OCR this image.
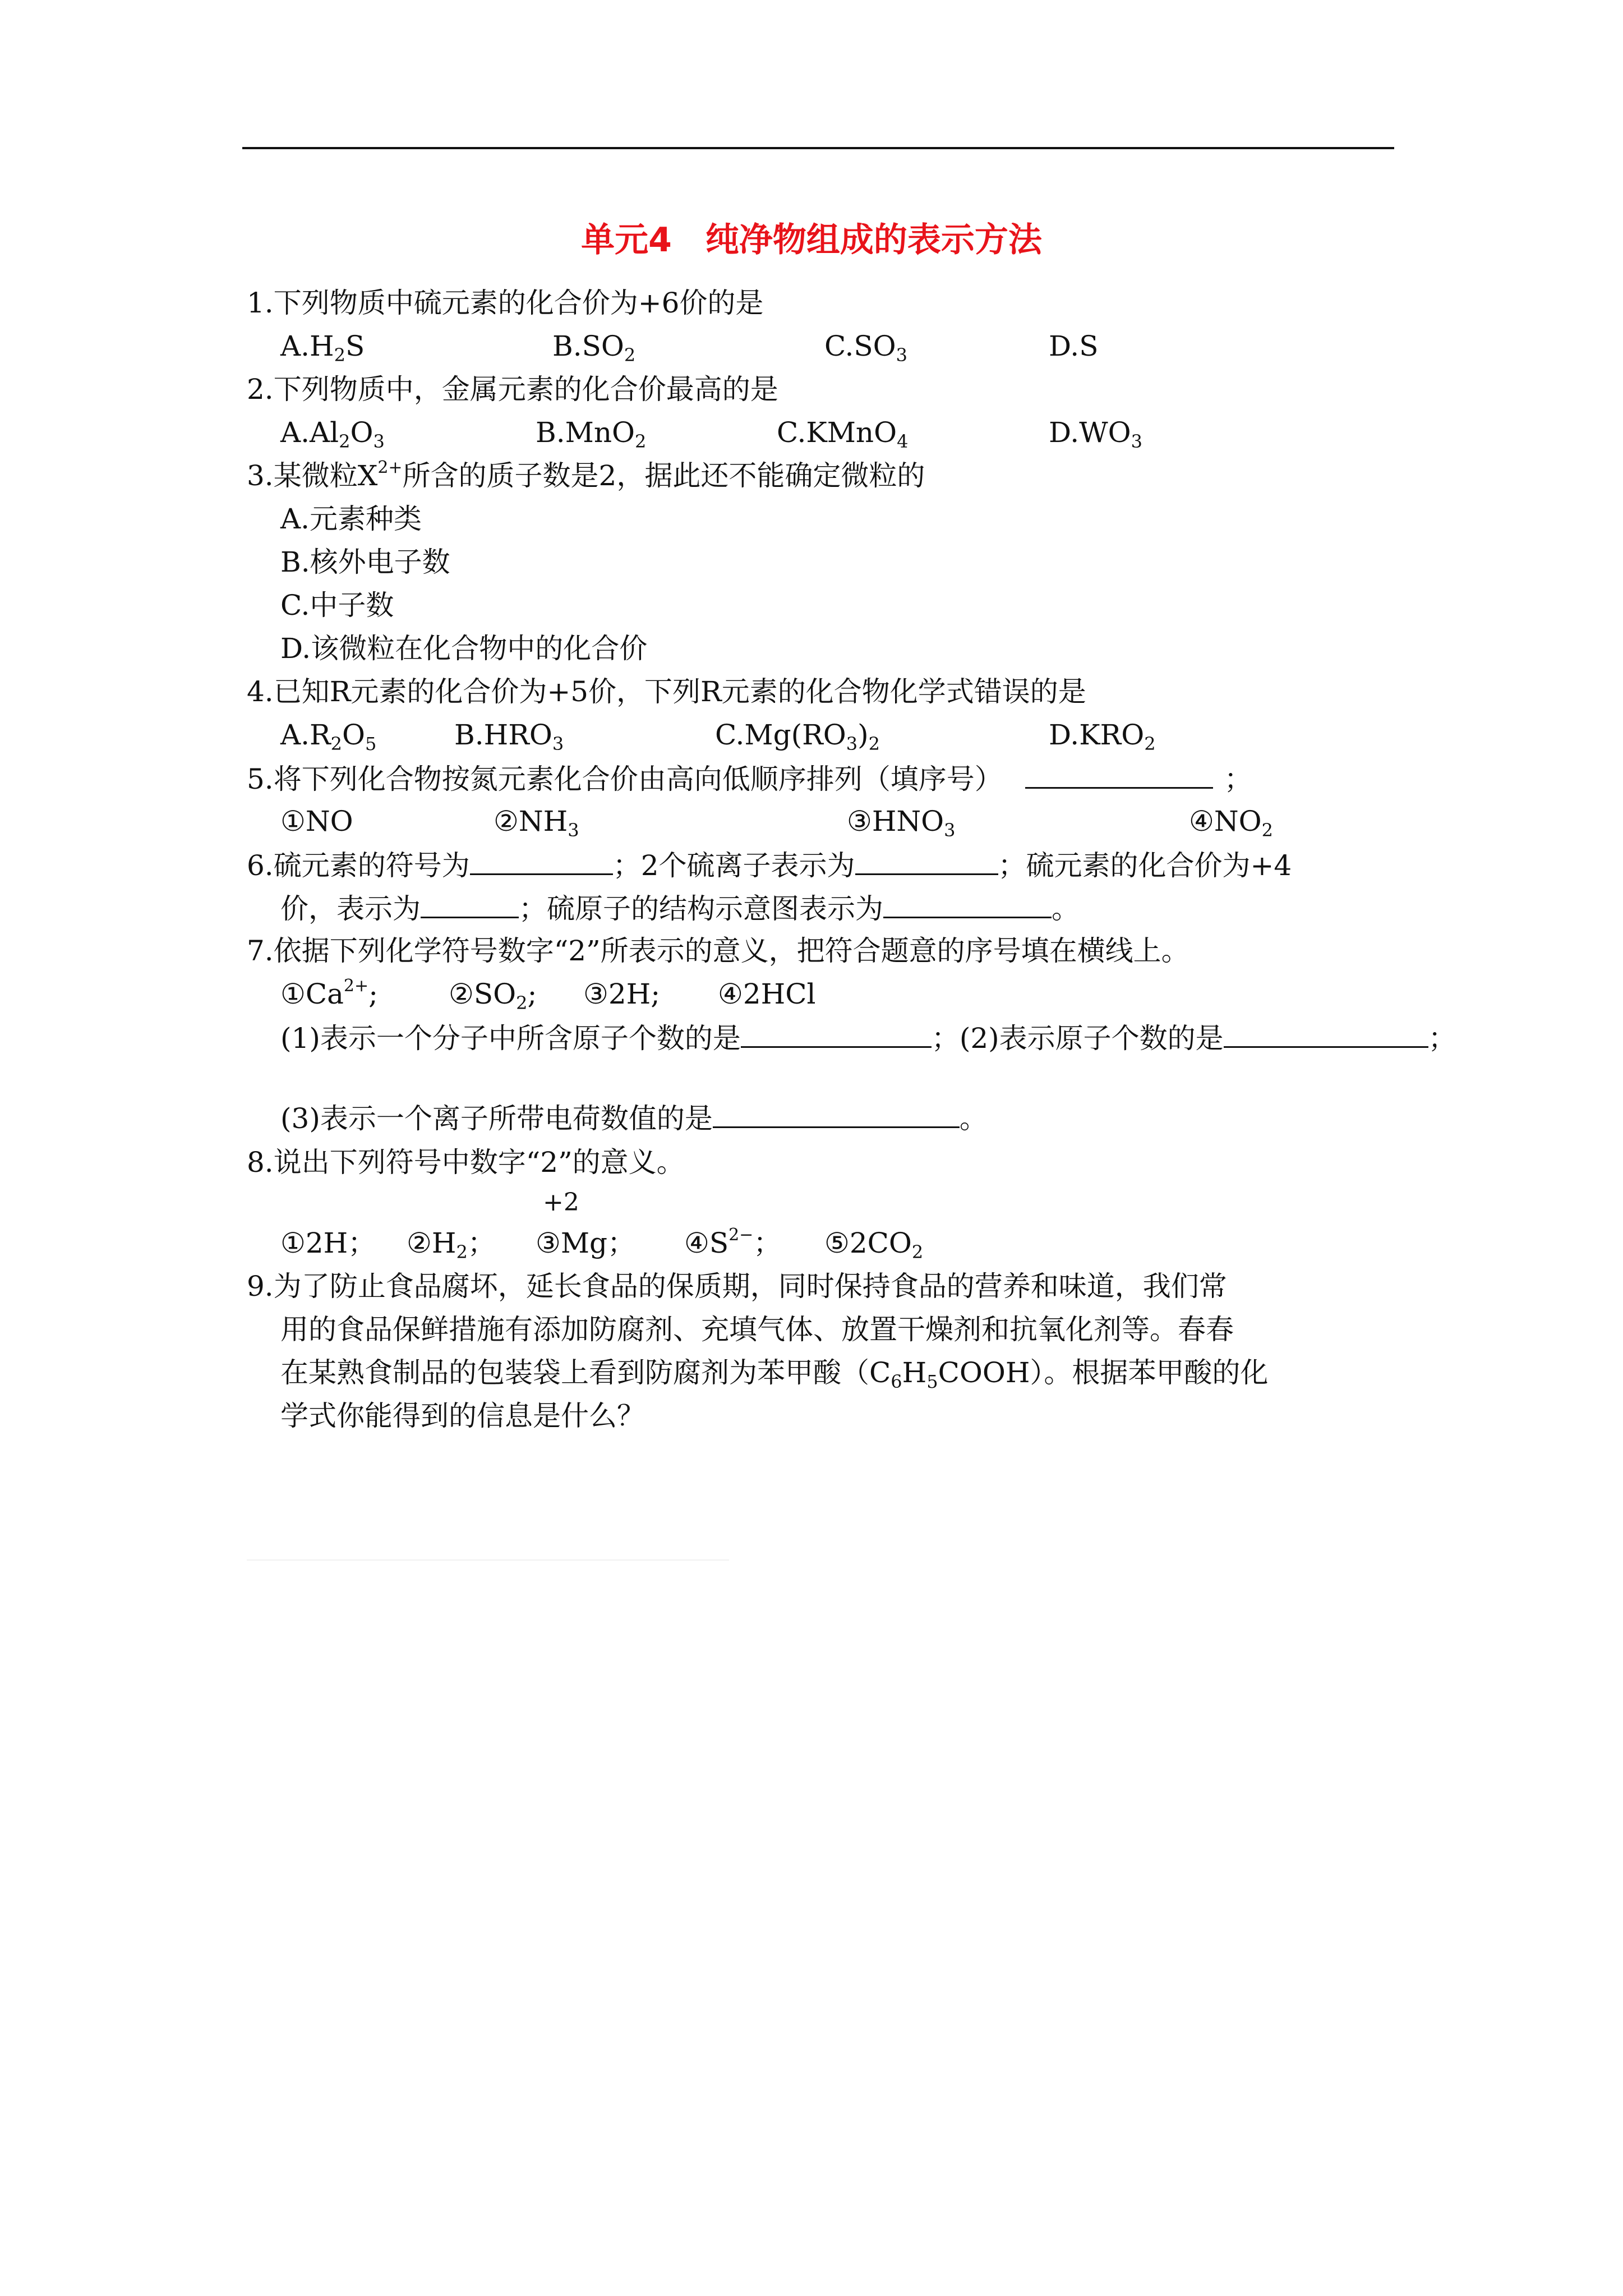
单元4　纯净物组成的表示方法
1.下列物质中硫元素的化合价为+6价的是
$A.H_2S$	$B.SO_2$	$C.SO_3$	D.S
2.下列物质中，金属元素的化合价最高的是
$A.Al_2O_3$	B.MnO$_2$	C.KMnO$_4$	$D.WO_3$
3.某微粒$X^{2+}$所含的质子数是2，据此还不能确定微粒的
A.元素种类
B.核外电子数
C.中子数
D.该微粒在化合物中的化合价
4.已知R元素的化合价为+5价，下列R元素的化合物化学式错误的是
$A.R_2O_5$	$B.HRO_3$	$C.Mg(RO_3)_2$	$D.KRO_2$
5.将下列化合物按氮元素化合价由高向低顺序排列（填序号）	；
①NO	$②NH_3$	$③HNO_3$	$④NO_2$
6.硫元素的符号为	；2个硫离子表示为	；硫元素的化合价为+4
价，表示为	；硫原子的结构示意图表示为	。
7.依据下列化学符号数字“2”所表示的意义，把符合题意的序号填在横线上。
$①Ca^{2+}$;	$②SO_2$; ③2H; ④2HCl
(1)表示一个分子中所含原子个数的是	；(2)表示原子个数的是	；
(3)表示一个离子所带电荷数值的是	。
8.说出下列符号中数字“2”的意义。
+2
①2H； $②H_2$； ③Mg； $④S^{2-}$； $⑤2CO_2$
9.为了防止食品腐坏，延长食品的保质期，同时保持食品的营养和味道，我们常
用的食品保鲜措施有添加防腐剂、充填气体、放置干燥剂和抗氧化剂等。春春
在某熟食制品的包装袋上看到防腐剂为苯甲酸$(C_6H_5COOH)$。根据苯甲酸的化
学式你能得到的信息是什么？
